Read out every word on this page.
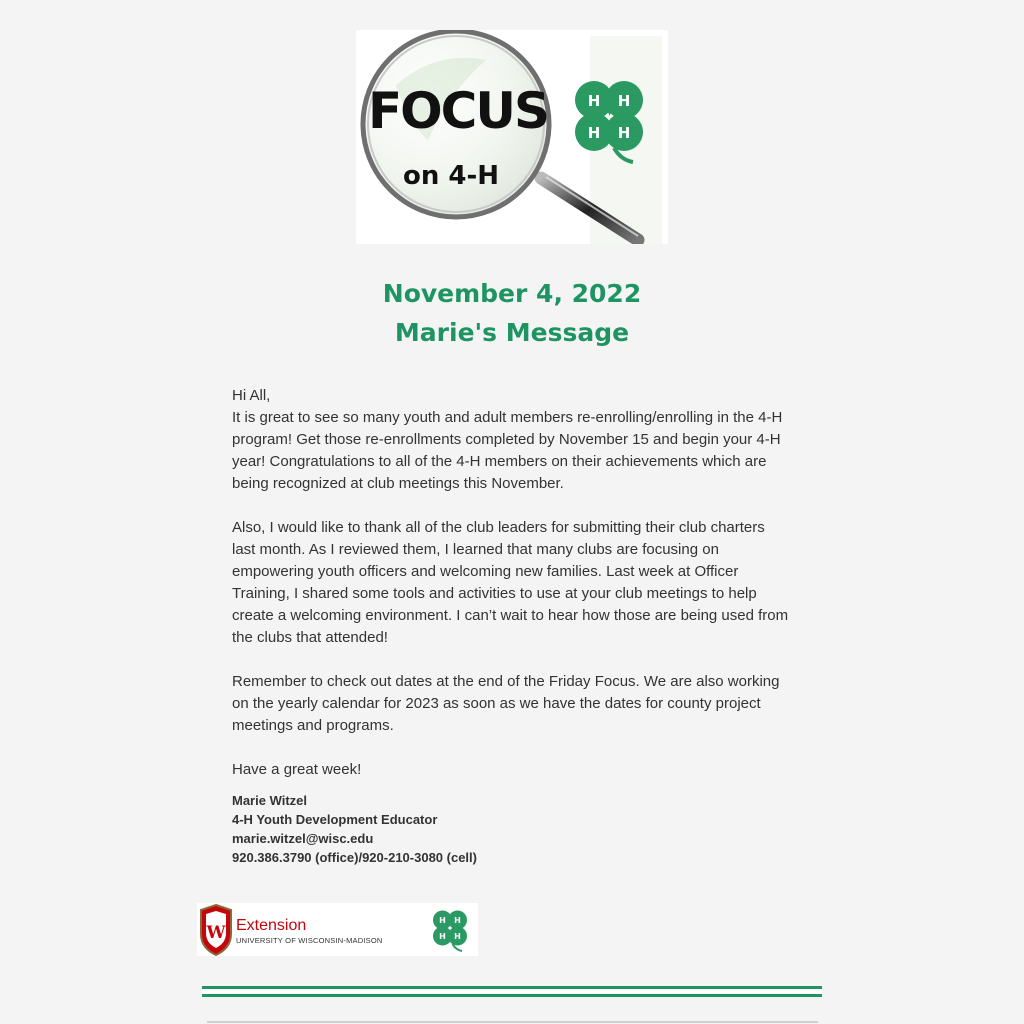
FOCUS
on 4-H
H H
H H
November 4, 2022
Marie's Message

Hi All,

It is great to see so many youth and adult members re-enrolling/enrolling in the 4-H program! Get those re-enrollments completed by November 15 and begin your 4-H year! Congratulations to all of the 4-H members on their achievements which are being recognized at club meetings this November.

Also, I would like to thank all of the club leaders for submitting their club charters last month. As I reviewed them, I learned that many clubs are focusing on empowering youth officers and welcoming new families. Last week at Officer Training, I shared some tools and activities to use at your club meetings to help create a welcoming environment. I can’t wait to hear how those are being used from the clubs that attended!

Remember to check out dates at the end of the Friday Focus. We are also working on the yearly calendar for 2023 as soon as we have the dates for county project meetings and programs.

Have a great week!

Marie Witzel
4-H Youth Development Educator
marie.witzel@wisc.edu
920.386.3790 (office)/920-210-3080 (cell)
W Extension
UNIVERSITY OF WISCONSIN-MADISON
H H
H H
